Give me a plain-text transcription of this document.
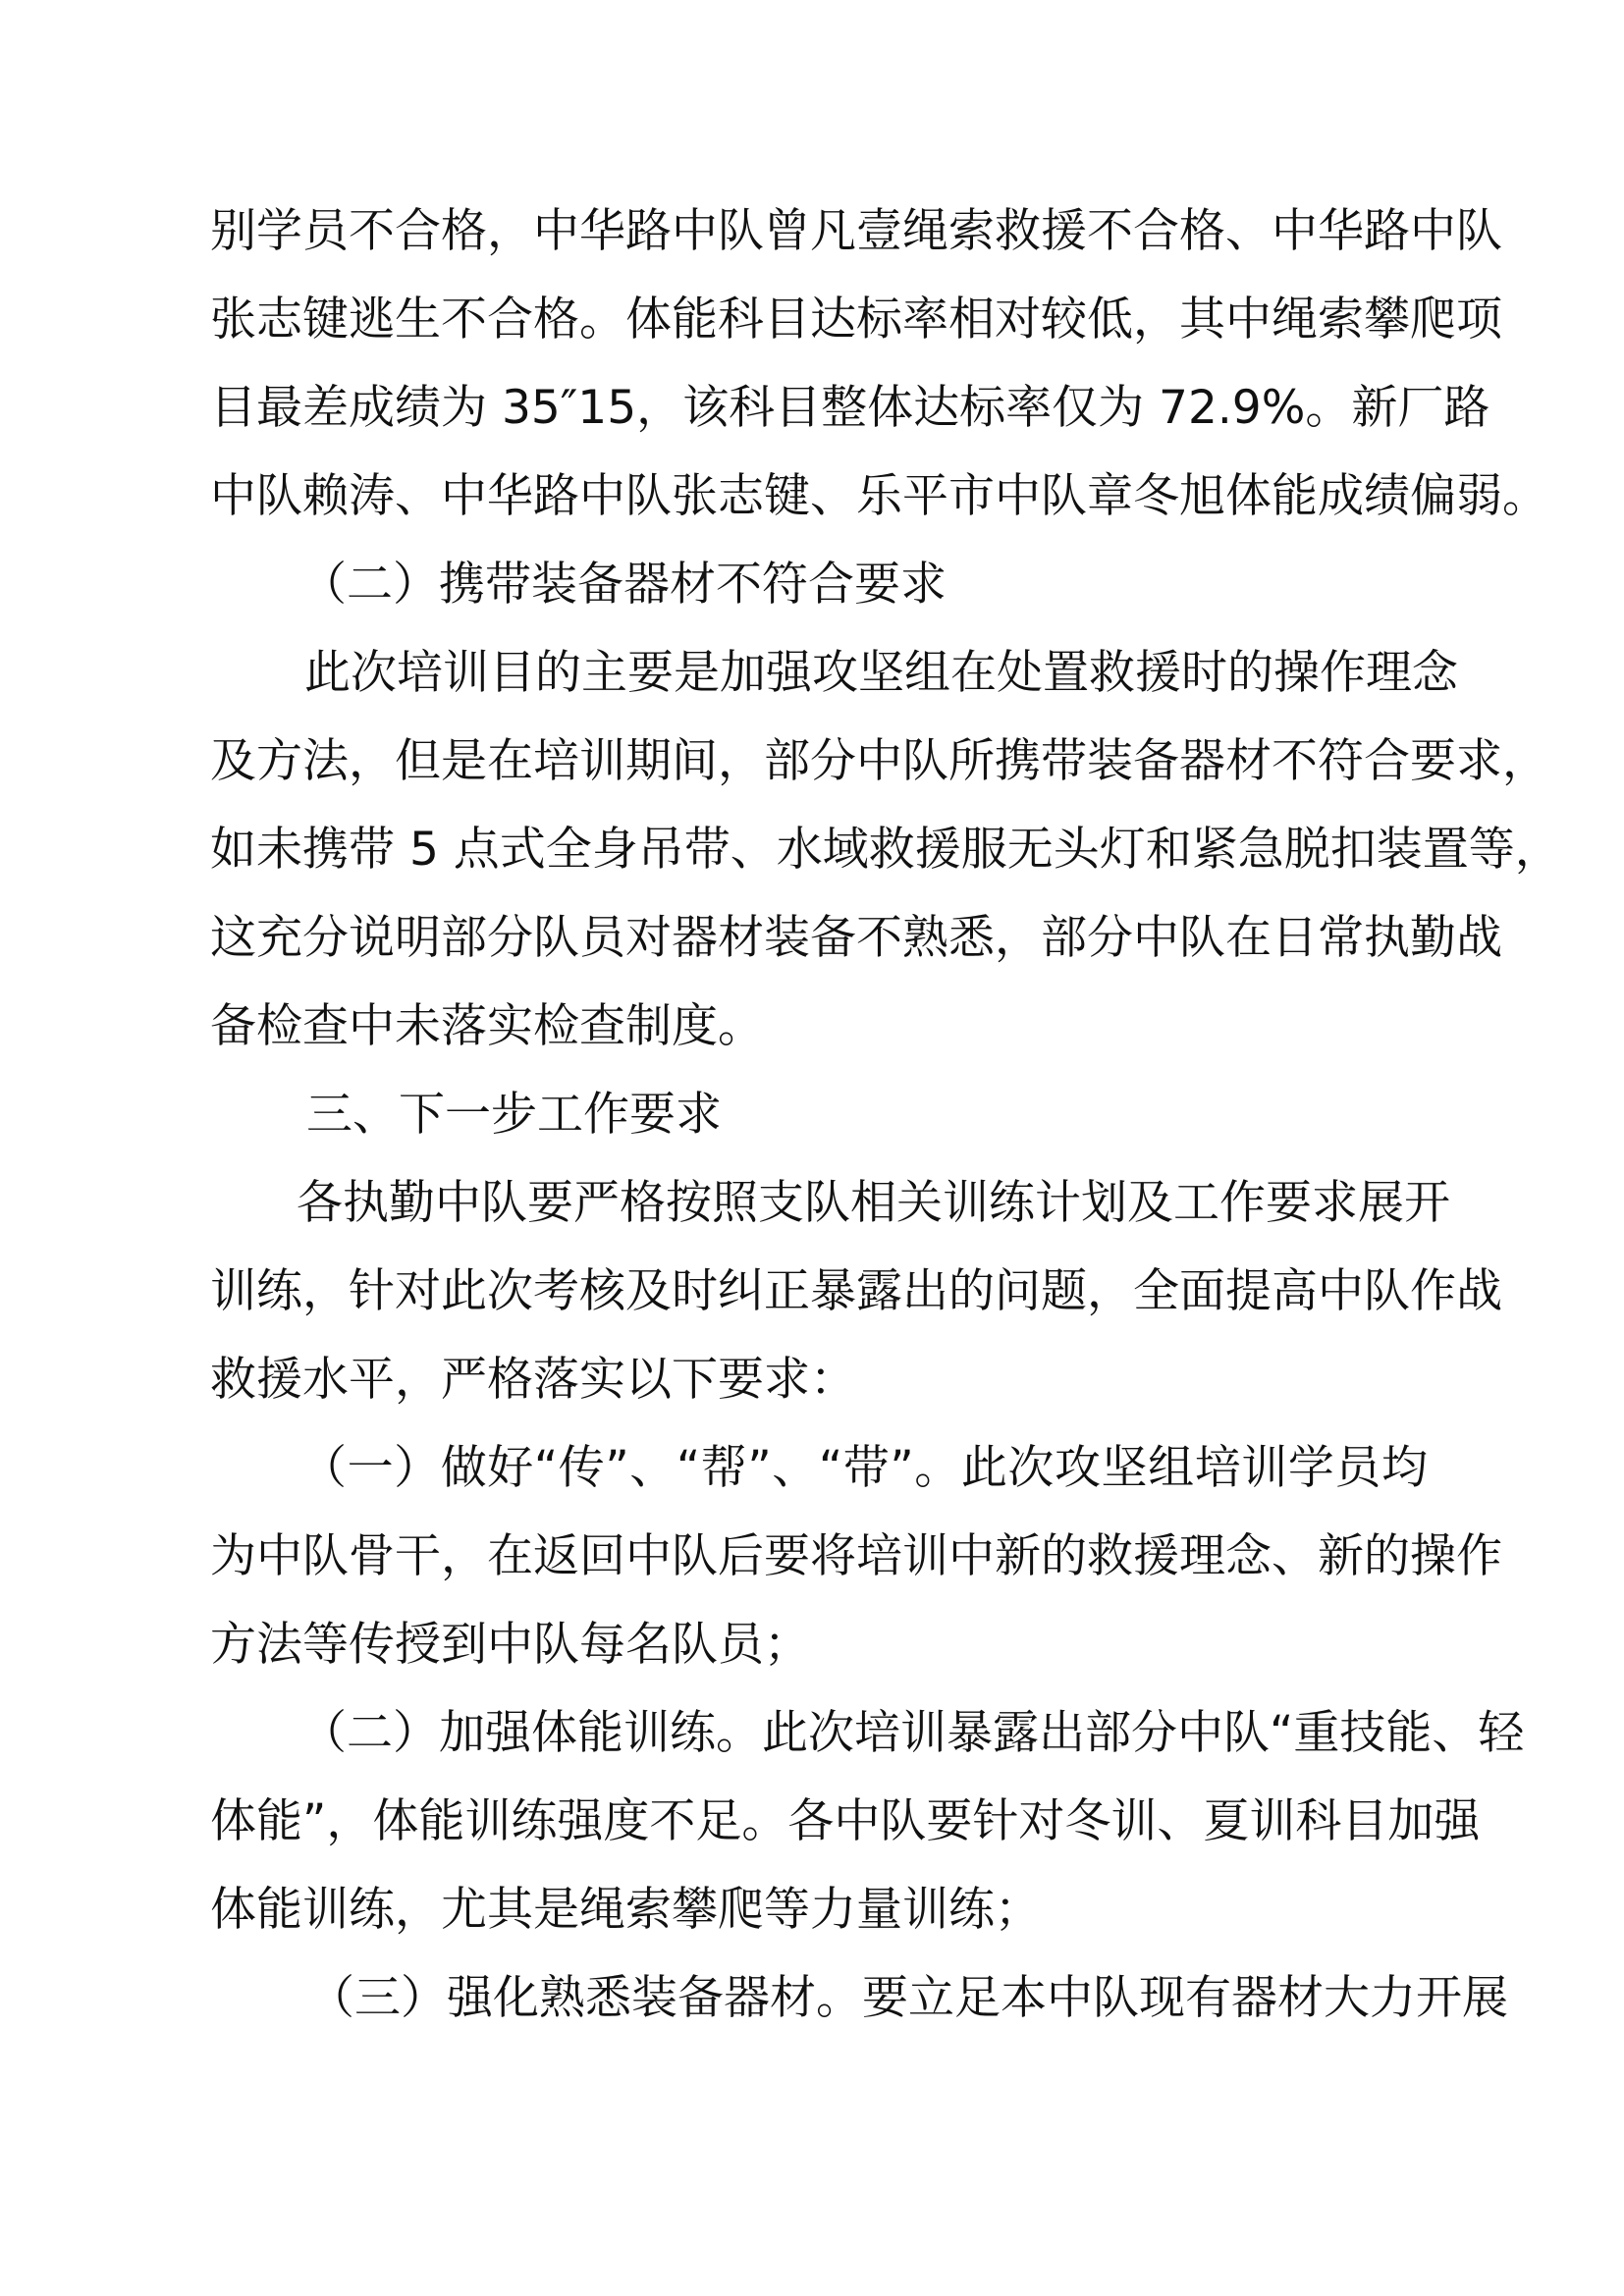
别学员不合格，中华路中队曾凡壹绳索救援不合格、中华路中队
张志键逃生不合格。体能科目达标率相对较低，其中绳索攀爬项
目最差成绩为 35″15，该科目整体达标率仅为 72.9%。新厂路
中队赖涛、中华路中队张志键、乐平市中队章冬旭体能成绩偏弱。
（二）携带装备器材不符合要求
此次培训目的主要是加强攻坚组在处置救援时的操作理念
及方法，但是在培训期间，部分中队所携带装备器材不符合要求，
如未携带 5 点式全身吊带、水域救援服无头灯和紧急脱扣装置等，
这充分说明部分队员对器材装备不熟悉，部分中队在日常执勤战
备检查中未落实检查制度。
三、下一步工作要求
各执勤中队要严格按照支队相关训练计划及工作要求展开
训练，针对此次考核及时纠正暴露出的问题，全面提高中队作战
救援水平，严格落实以下要求：
（一）做好“传”、“帮”、“带”。此次攻坚组培训学员均
为中队骨干，在返回中队后要将培训中新的救援理念、新的操作
方法等传授到中队每名队员；
（二）加强体能训练。此次培训暴露出部分中队“重技能、轻
体能”，体能训练强度不足。各中队要针对冬训、夏训科目加强
体能训练，尤其是绳索攀爬等力量训练；
（三）强化熟悉装备器材。要立足本中队现有器材大力开展
